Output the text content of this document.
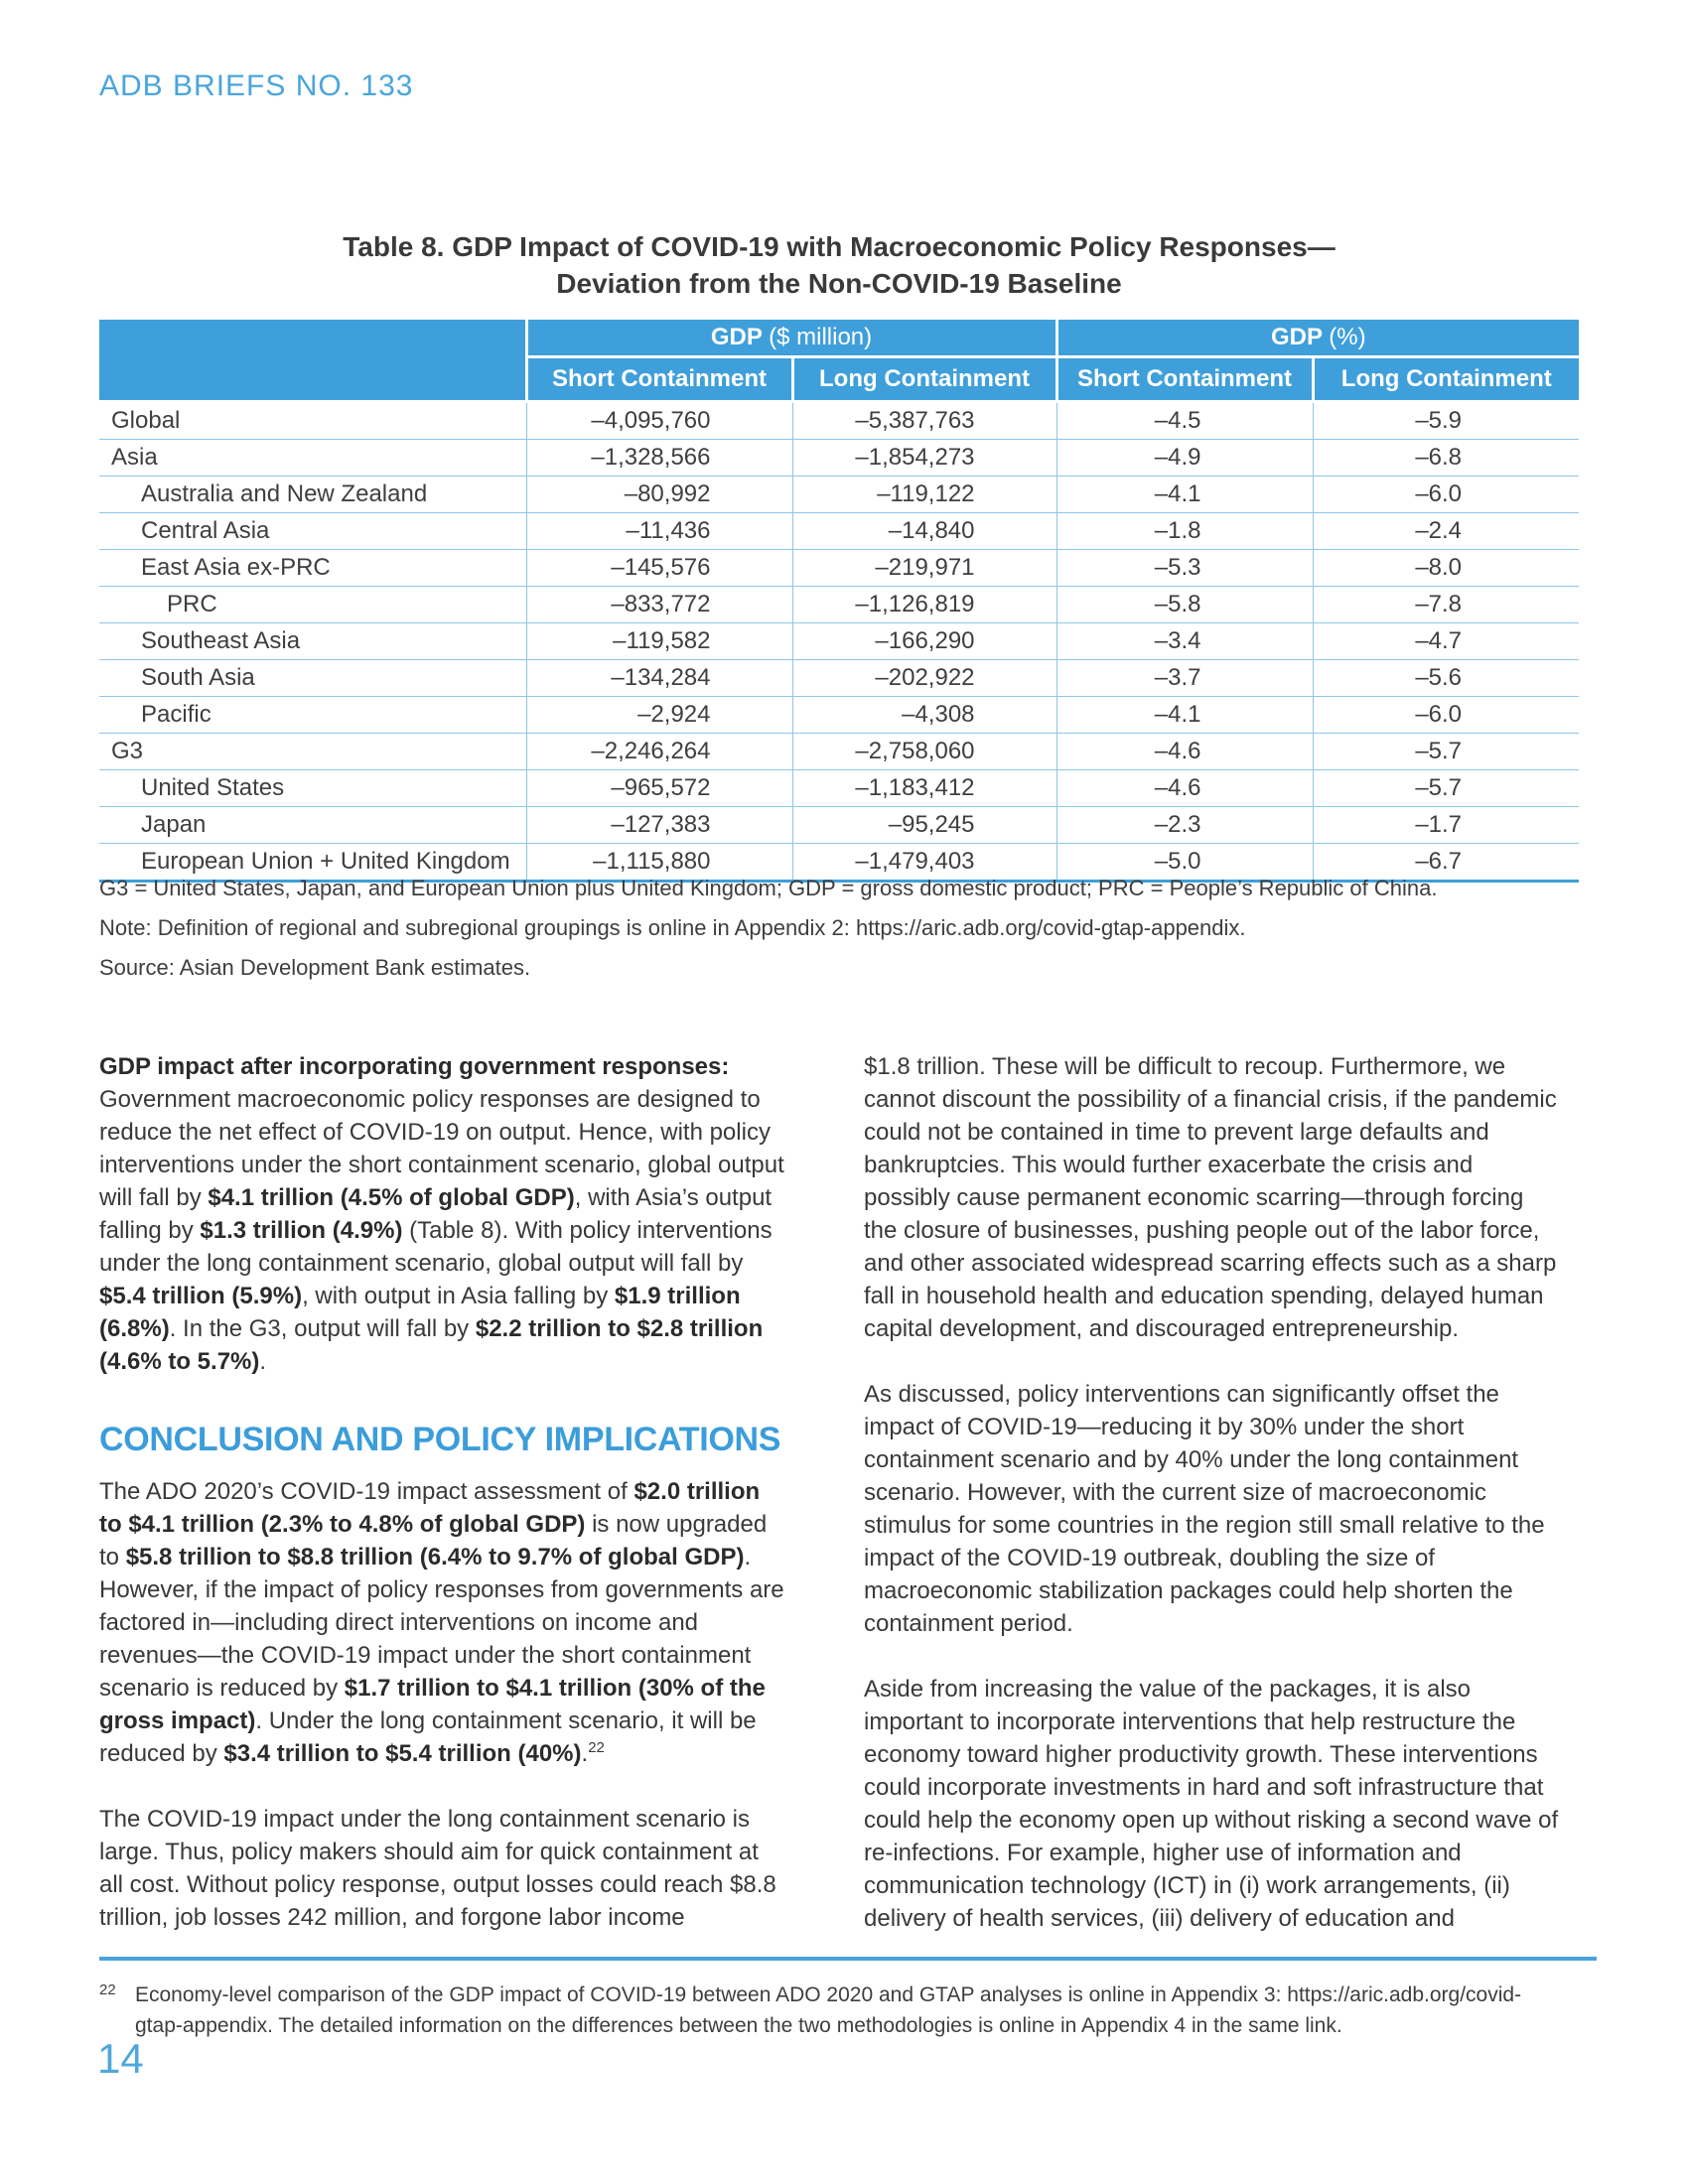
ADB BRIEFS NO. 133
Table 8. GDP Impact of COVID-19 with Macroeconomic Policy Responses—
Deviation from the Non-COVID-19 Baseline
	GDP ($ million)		GDP (%)	
	Short Containment	Long Containment	Short Containment	Long Containment
Global	–4,095,760	–5,387,763	–4.5	–5.9
Asia	–1,328,566	–1,854,273	–4.9	–6.8
Australia and New Zealand	–80,992	–119,122	–4.1	–6.0
Central Asia	–11,436	–14,840	–1.8	–2.4
East Asia ex-PRC	–145,576	–219,971	–5.3	–8.0
PRC	–833,772	–1,126,819	–5.8	–7.8
Southeast Asia	–119,582	–166,290	–3.4	–4.7
South Asia	–134,284	–202,922	–3.7	–5.6
Pacific	–2,924	–4,308	–4.1	–6.0
G3	–2,246,264	–2,758,060	–4.6	–5.7
United States	–965,572	–1,183,412	–4.6	–5.7
Japan	–127,383	–95,245	–2.3	–1.7
European Union + United Kingdom	–1,115,880	–1,479,403	–5.0	–6.7
G3 = United States, Japan, and European Union plus United Kingdom; GDP = gross domestic product; PRC = People’s Republic of China.
Note: Definition of regional and subregional groupings is online in Appendix 2: https://aric.adb.org/covid-gtap-appendix.
Source: Asian Development Bank estimates.

GDP impact after incorporating government responses: Government macroeconomic policy responses are designed to reduce the net effect of COVID-19 on output. Hence, with policy interventions under the short containment scenario, global output will fall by $4.1 trillion (4.5% of global GDP), with Asia’s output falling by $1.3 trillion (4.9%) (Table 8). With policy interventions under the long containment scenario, global output will fall by $5.4 trillion (5.9%), with output in Asia falling by $1.9 trillion (6.8%). In the G3, output will fall by $2.2 trillion to $2.8 trillion (4.6% to 5.7%).

CONCLUSION AND POLICY IMPLICATIONS

The ADO 2020’s COVID-19 impact assessment of $2.0 trillion to $4.1 trillion (2.3% to 4.8% of global GDP) is now upgraded to $5.8 trillion to $8.8 trillion (6.4% to 9.7% of global GDP). However, if the impact of policy responses from governments are factored in—including direct interventions on income and revenues—the COVID-19 impact under the short containment scenario is reduced by $1.7 trillion to $4.1 trillion (30% of the gross impact). Under the long containment scenario, it will be reduced by $3.4 trillion to $5.4 trillion (40%).$^{22}$

The COVID-19 impact under the long containment scenario is large. Thus, policy makers should aim for quick containment at all cost. Without policy response, output losses could reach $8.8 trillion, job losses 242 million, and forgone labor income

$1.8 trillion. These will be difficult to recoup. Furthermore, we cannot discount the possibility of a financial crisis, if the pandemic could not be contained in time to prevent large defaults and bankruptcies. This would further exacerbate the crisis and possibly cause permanent economic scarring—through forcing the closure of businesses, pushing people out of the labor force, and other associated widespread scarring effects such as a sharp fall in household health and education spending, delayed human capital development, and discouraged entrepreneurship.

As discussed, policy interventions can significantly offset the impact of COVID-19—reducing it by 30% under the short containment scenario and by 40% under the long containment scenario. However, with the current size of macroeconomic stimulus for some countries in the region still small relative to the impact of the COVID-19 outbreak, doubling the size of macroeconomic stabilization packages could help shorten the containment period.

Aside from increasing the value of the packages, it is also important to incorporate interventions that help restructure the economy toward higher productivity growth. These interventions could incorporate investments in hard and soft infrastructure that could help the economy open up without risking a second wave of re-infections. For example, higher use of information and communication technology (ICT) in (i) work arrangements, (ii) delivery of health services, (iii) delivery of education and

22 Economy-level comparison of the GDP impact of COVID-19 between ADO 2020 and GTAP analyses is online in Appendix 3: https://aric.adb.org/covid-gtap-appendix. The detailed information on the differences between the two methodologies is online in Appendix 4 in the same link.
14
